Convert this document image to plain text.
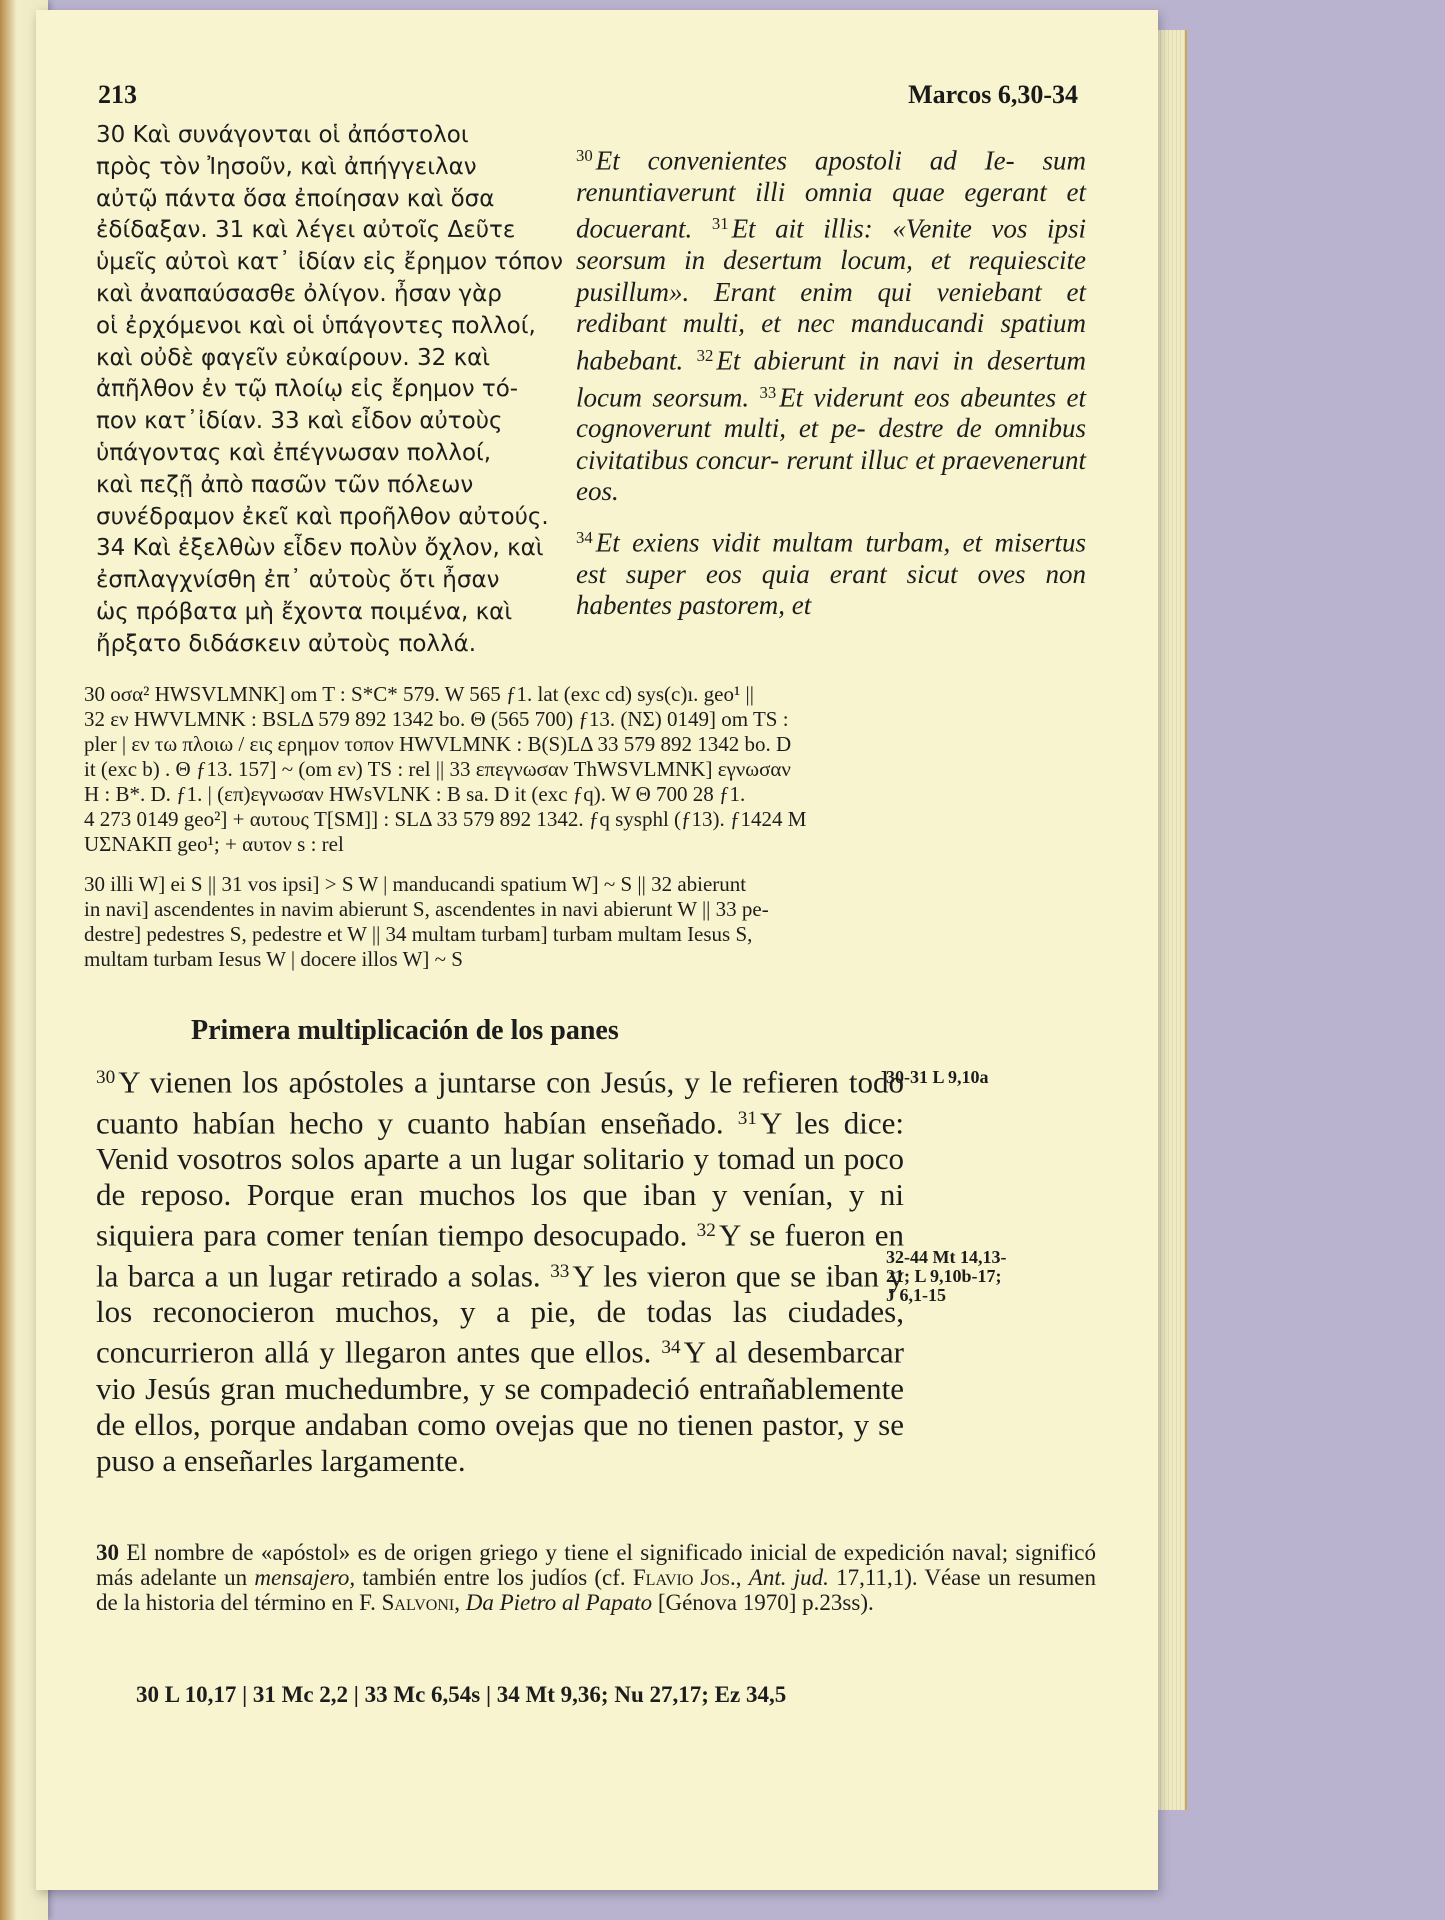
213	Marcos 6,30-34
30 Καὶ συνάγονται οἱ ἀπόστολοι
πρὸς τὸν Ἰησοῦν, καὶ ἀπήγγειλαν
αὐτῷ πάντα ὅσα ἐποίησαν καὶ ὅσα
ἐδίδαξαν. 31 καὶ λέγει αὐτοῖς Δεῦτε
ὑμεῖς αὐτοὶ κατ᾽ ἰδίαν εἰς ἔρημον τόπον
καὶ ἀναπαύσασθε ὀλίγον. ἦσαν γὰρ
οἱ ἐρχόμενοι καὶ οἱ ὑπάγοντες πολλοί,
καὶ οὐδὲ φαγεῖν εὐκαίρουν. 32 καὶ
ἀπῆλθον ἐν τῷ πλοίῳ εἰς ἔρημον τό-
πον κατ᾽ἰδίαν. 33 καὶ εἶδον αὐτοὺς
ὑπάγοντας καὶ ἐπέγνωσαν πολλοί,
καὶ πεζῇ ἀπὸ πασῶν τῶν πόλεων
συνέδραμον ἐκεῖ καὶ προῆλθον αὐτούς.
34 Καὶ ἐξελθὼν εἶδεν πολὺν ὄχλον, καὶ
ἐσπλαγχνίσθη ἐπ᾽ αὐτοὺς ὅτι ἦσαν
ὡς πρόβατα μὴ ἔχοντα ποιμένα, καὶ
ἤρξατο διδάσκειν αὐτοὺς πολλά.
$^{30}$ Et convenientes apostoli ad Ie- sum renuntiaverunt illi omnia quae egerant et docuerant. $^{31}$ Et ait illis: «Venite vos ipsi seorsum in desertum locum, et requiescite pusillum». Erant enim qui veniebant et redibant multi, et nec manducandi spatium habebant. $^{32}$ Et abierunt in navi in desertum locum seorsum. $^{33}$ Et viderunt eos abeuntes et cognoverunt multi, et pe- destre de omnibus civitatibus concur- rerunt illuc et praevenerunt eos.
$^{34}$ Et exiens vidit multam turbam, et misertus est super eos quia erant sicut oves non habentes pastorem, et
30 οσα² HWSVLMNK] om T : S*C* 579. W 565 ƒ1. lat (exc cd) sys(c)ı. geo¹ ||
32 εν HWVLMNK : BSLΔ 579 892 1342 bo. Θ (565 700) ƒ13. (ΝΣ) 0149] om TS :
pler | εν τω πλοιω / εις ερημον τοπον HWVLMNK : B(S)LΔ 33 579 892 1342 bo. D
it (exc b) . Θ ƒ13. 157] ~ (om εν) TS : rel || 33 επεγνωσαν ThWSVLMNK] εγνωσαν
H : B*. D. ƒ1. | (επ)εγνωσαν HWsVLNK : B sa. D it (exc ƒq). W Θ 700 28 ƒ1.
4 273 0149 geo²] + αυτους T[SM]] : SLΔ 33 579 892 1342. ƒq sysphl (ƒ13). ƒ1424 M
UΣNAKΠ geo¹; + αυτον s : rel
30 illi W] ei S || 31 vos ipsi] > S W | manducandi spatium W] ~ S || 32 abierunt
in navi] ascendentes in navim abierunt S, ascendentes in navi abierunt W || 33 pe-
destre] pedestres S, pedestre et W || 34 multam turbam] turbam multam Iesus S,
multam turbam Iesus W | docere illos W] ~ S
Primera multiplicación de los panes
$^{30}$Y vienen los apóstoles a juntarse con Jesús, y le refieren todo cuanto habían hecho y cuanto habían enseñado. $^{31}$Y les dice: Venid vosotros solos aparte a un lugar solitario y tomad un poco de reposo. Porque eran muchos los que iban y venían, y ni siquiera para comer tenían tiempo desocupado. $^{32}$Y se fueron en la barca a un lugar retirado a solas. $^{33}$Y les vieron que se iban y los reconocieron muchos, y a pie, de todas las ciudades, concurrieron allá y llegaron antes que ellos. $^{34}$Y al desembarcar vio Jesús gran muchedumbre, y se compadeció entrañablemente de ellos, porque andaban como ovejas que no tienen pastor, y se puso a enseñarles largamente.
30-31 L 9,10a
32-44 Mt 14,13-
21; L 9,10b-17;
J 6,1-15
30 El nombre de «apóstol» es de origen griego y tiene el significado inicial de expedición naval; significó más adelante un mensajero, también entre los judíos (cf. Flavio Jos., Ant. jud. 17,11,1). Véase un resumen de la historia del término en F. Salvoni, Da Pietro al Papato [Génova 1970] p.23ss).
30 L 10,17 | 31 Mc 2,2 | 33 Mc 6,54s | 34 Mt 9,36; Nu 27,17; Ez 34,5
